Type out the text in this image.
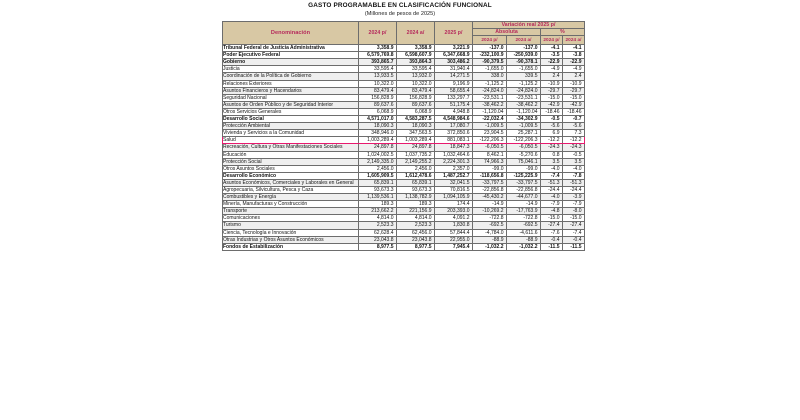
GASTO PROGRAMABLE EN CLASIFICACIÓN FUNCIONAL
(Millones de pesos de 2025)
Denominación	2024 p/	2024 a/	2025 p/	Variación real 2025 p/			
				Absoluta		%	
				2024 p/	2024 a/	2024 p/	2024 a/
Tribunal Federal de Justicia Administrativa	3,358.9	3,358.9	3,221.9	-137.0	-137.0	-4.1	-4.1
Poder Ejecutivo Federal	6,579,769.8	6,598,607.9	6,347,668.9	-232,100.9	-250,939.0	-3.5	-3.8
Gobierno	393,865.7	393,864.3	303,486.2	-90,379.5	-90,378.1	-22.9	-22.9
Justicia	33,595.4	33,595.4	31,940.4	-1,655.0	-1,655.0	-4.9	-4.9
Coordinación de la Política de Gobierno	13,933.5	13,932.0	14,271.5	338.0	339.5	2.4	2.4
Relaciones Exteriores	10,322.0	10,322.0	9,196.9	-1,125.2	-1,125.2	-10.9	-10.9
Asuntos Financieros y Hacendarios	83,479.4	83,479.4	58,655.4	-24,824.0	-24,824.0	-29.7	-29.7
Seguridad Nacional	156,828.9	156,828.9	133,297.7	-23,531.1	-23,531.1	-15.0	-15.0
Asuntos de Orden Público y de Seguridad Interior	89,637.6	89,637.6	51,175.4	-38,462.2	-38,462.2	-42.9	-42.9
Otros Servicios Generales	6,068.9	6,068.9	4,948.8	-1,120.04	-1,120.04	-18.46	-18.46
Desarrollo Social	4,571,017.0	4,583,287.5	4,548,984.6	-22,032.4	-34,302.9	-0.5	-0.7
Protección Ambiental	18,090.3	18,090.3	17,080.7	-1,009.5	-1,009.5	-5.6	-5.6
Vivienda y Servicios a la Comunidad	348,946.0	347,563.5	372,850.6	23,904.5	25,287.1	6.9	7.3
Salud	1,003,289.4	1,003,289.4	881,083.1	-122,206.3	-122,206.3	-12.2	-12.2
Recreación, Cultura y Otras Manifestaciones Sociales	24,897.8	24,897.8	18,847.3	-6,050.5	-6,050.5	-24.3	-24.3
Educación	1,024,002.5	1,037,735.2	1,032,464.6	8,462.1	-5,270.6	0.8	-0.5
Protección Social	2,149,335.0	2,149,255.2	2,224,301.3	74,966.3	75,046.1	3.5	3.5
Otros Asuntos Sociales	2,456.0	2,456.0	2,357.0	-99.0	-99.0	-4.0	-4.0
Desarrollo Económico	1,605,909.5	1,612,478.6	1,487,252.7	-118,656.8	-125,225.9	-7.4	-7.8
Asuntos Económicos, Comerciales y Laborales en General	65,839.1	65,839.1	32,041.5	-33,797.5	-33,797.5	-51.3	-51.3
Agropecuaria, Silvicultura, Pesca y Caza	93,673.3	93,673.3	70,816.5	-22,856.8	-22,856.8	-24.4	-24.4
Combustibles y Energía	1,139,536.1	1,138,782.9	1,094,105.9	-45,430.2	-44,677.0	-4.0	-3.9
Minería, Manufacturas y Construcción	189.3	189.3	174.4	-14.9	-14.9	-7.9	-7.9
Transporte	213,662.2	221,156.9	203,393.0	-10,269.2	-17,763.9	-4.8	-8.0
Comunicaciones	4,814.0	4,814.0	4,091.2	-722.8	-722.8	-15.0	-15.0
Turismo	2,523.3	2,523.3	1,830.8	-692.5	-692.5	-27.4	-27.4
Ciencia, Tecnología e Innovación	62,628.4	62,456.0	57,844.4	-4,784.0	-4,611.6	-7.6	-7.4
Otras Industrias y Otros Asuntos Económicos	23,043.8	23,043.8	22,955.0	-88.9	-88.9	-0.4	-0.4
Fondos de Estabilización	8,977.5	8,977.5	7,945.4	-1,032.2	-1,032.2	-11.5	-11.5
